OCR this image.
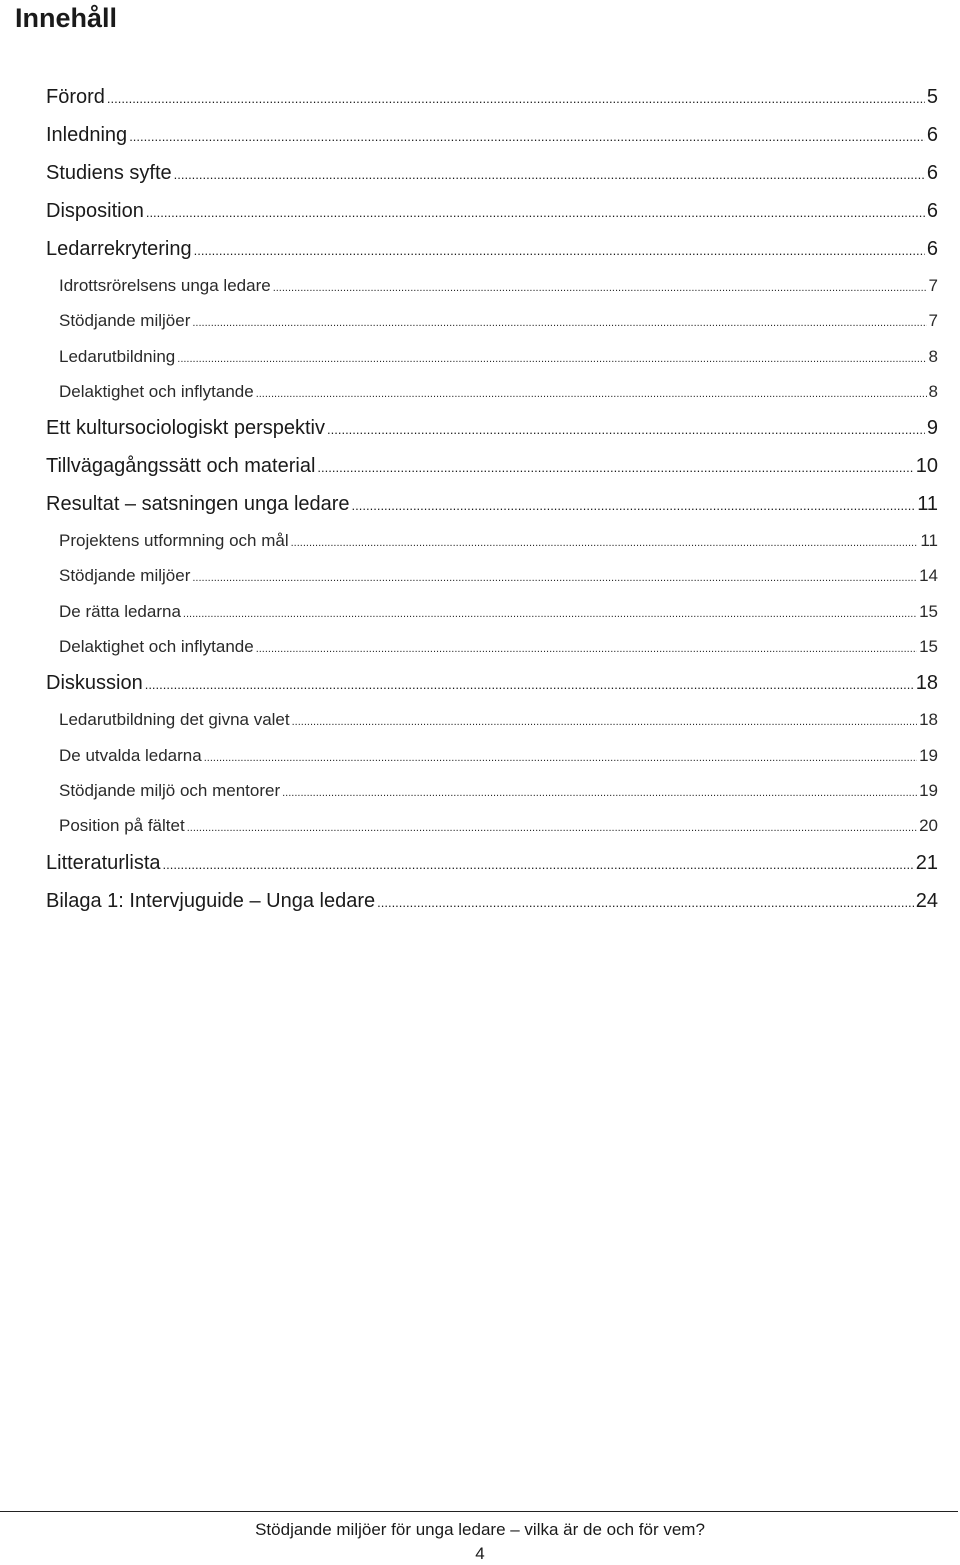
Innehåll
Förord .....	5
Inledning .....	6
Studiens syfte .....	6
Disposition .....	6
Ledarrekrytering .....	6
Idrottsrörelsens unga ledare .....	7
Stödjande miljöer .....	7
Ledarutbildning .....	8
Delaktighet och inflytande .....	8
Ett kultursociologiskt perspektiv .....	9
Tillvägagångssätt och material .....	10
Resultat – satsningen unga ledare .....	11
Projektens utformning och mål .....	11
Stödjande miljöer .....	14
De rätta ledarna .....	15
Delaktighet och inflytande .....	15
Diskussion .....	18
Ledarutbildning det givna valet .....	18
De utvalda ledarna .....	19
Stödjande miljö och mentorer .....	19
Position på fältet .....	20
Litteraturlista .....	21
Bilaga 1: Intervjuguide – Unga ledare .....	24
Stödjande miljöer för unga ledare – vilka är de och för vem?
4
